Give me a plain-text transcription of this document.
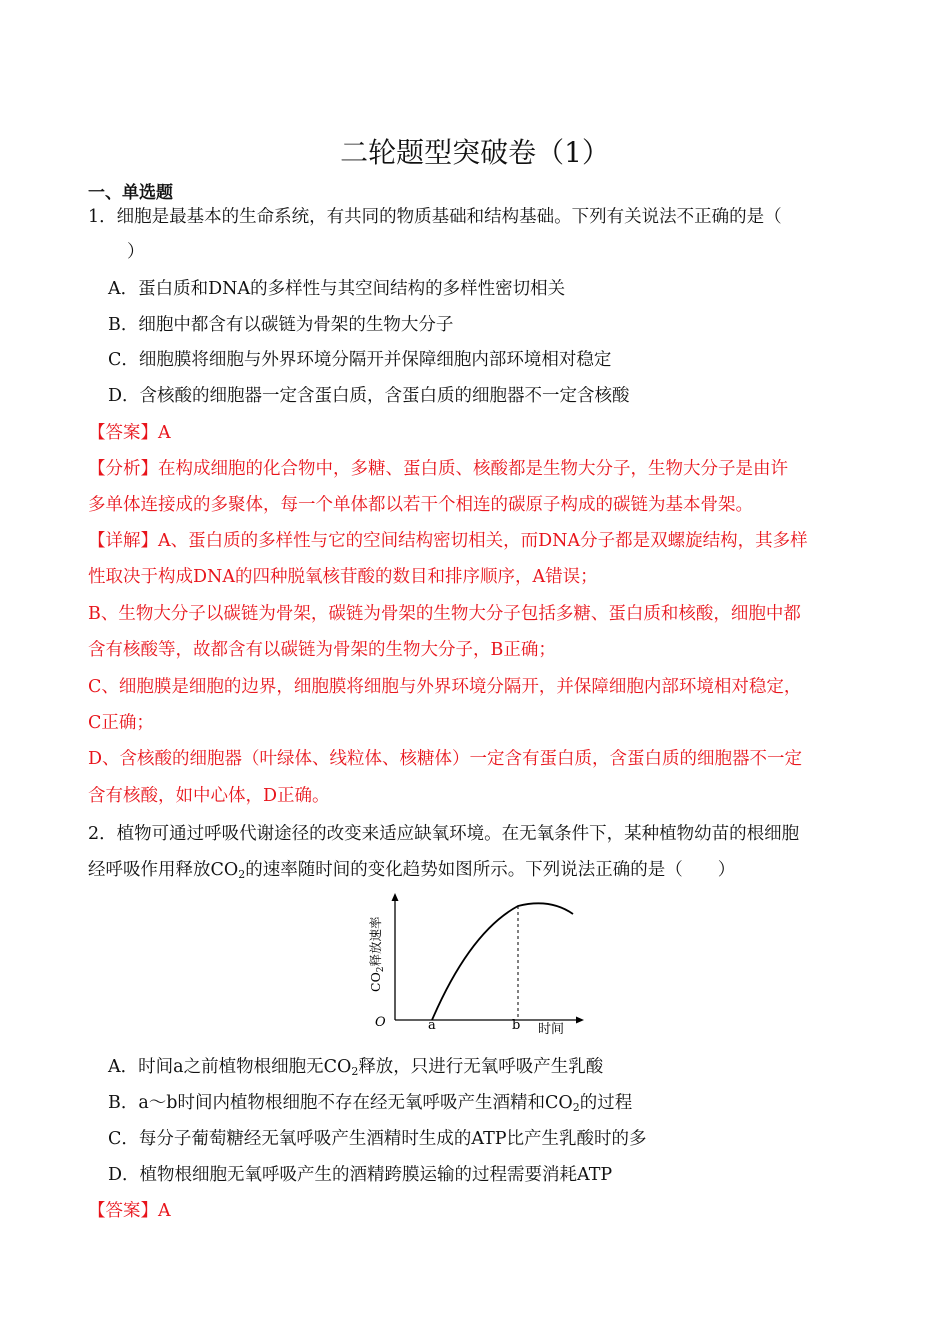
二轮题型突破卷（1）
一、单选题
1．细胞是最基本的生命系统，有共同的物质基础和结构基础。下列有关说法不正确的是（
）
A．蛋白质和DNA的多样性与其空间结构的多样性密切相关
B．细胞中都含有以碳链为骨架的生物大分子
C．细胞膜将细胞与外界环境分隔开并保障细胞内部环境相对稳定
D．含核酸的细胞器一定含蛋白质，含蛋白质的细胞器不一定含核酸
【答案】A
【分析】在构成细胞的化合物中，多糖、蛋白质、核酸都是生物大分子，生物大分子是由许
多单体连接成的多聚体，每一个单体都以若干个相连的碳原子构成的碳链为基本骨架。
【详解】A、蛋白质的多样性与它的空间结构密切相关，而DNA分子都是双螺旋结构，其多样
性取决于构成DNA的四种脱氧核苷酸的数目和排序顺序，A错误；
B、生物大分子以碳链为骨架，碳链为骨架的生物大分子包括多糖、蛋白质和核酸，细胞中都
含有核酸等，故都含有以碳链为骨架的生物大分子，B正确；
C、细胞膜是细胞的边界，细胞膜将细胞与外界环境分隔开，并保障细胞内部环境相对稳定，
C正确；
D、含核酸的细胞器（叶绿体、线粒体、核糖体）一定含有蛋白质，含蛋白质的细胞器不一定
含有核酸，如中心体，D正确。
2．植物可通过呼吸代谢途径的改变来适应缺氧环境。在无氧条件下，某种植物幼苗的根细胞
经呼吸作用释放$CO_2$的速率随时间的变化趋势如图所示。下列说法正确的是（　　）
$CO_2$释放速率
O	a	b 时间
A．时间a之前植物根细胞无$CO_2$释放，只进行无氧呼吸产生乳酸
B．a～b时间内植物根细胞不存在经无氧呼吸产生酒精和$CO_2$的过程
C．每分子葡萄糖经无氧呼吸产生酒精时生成的ATP比产生乳酸时的多
D．植物根细胞无氧呼吸产生的酒精跨膜运输的过程需要消耗ATP
【答案】A
